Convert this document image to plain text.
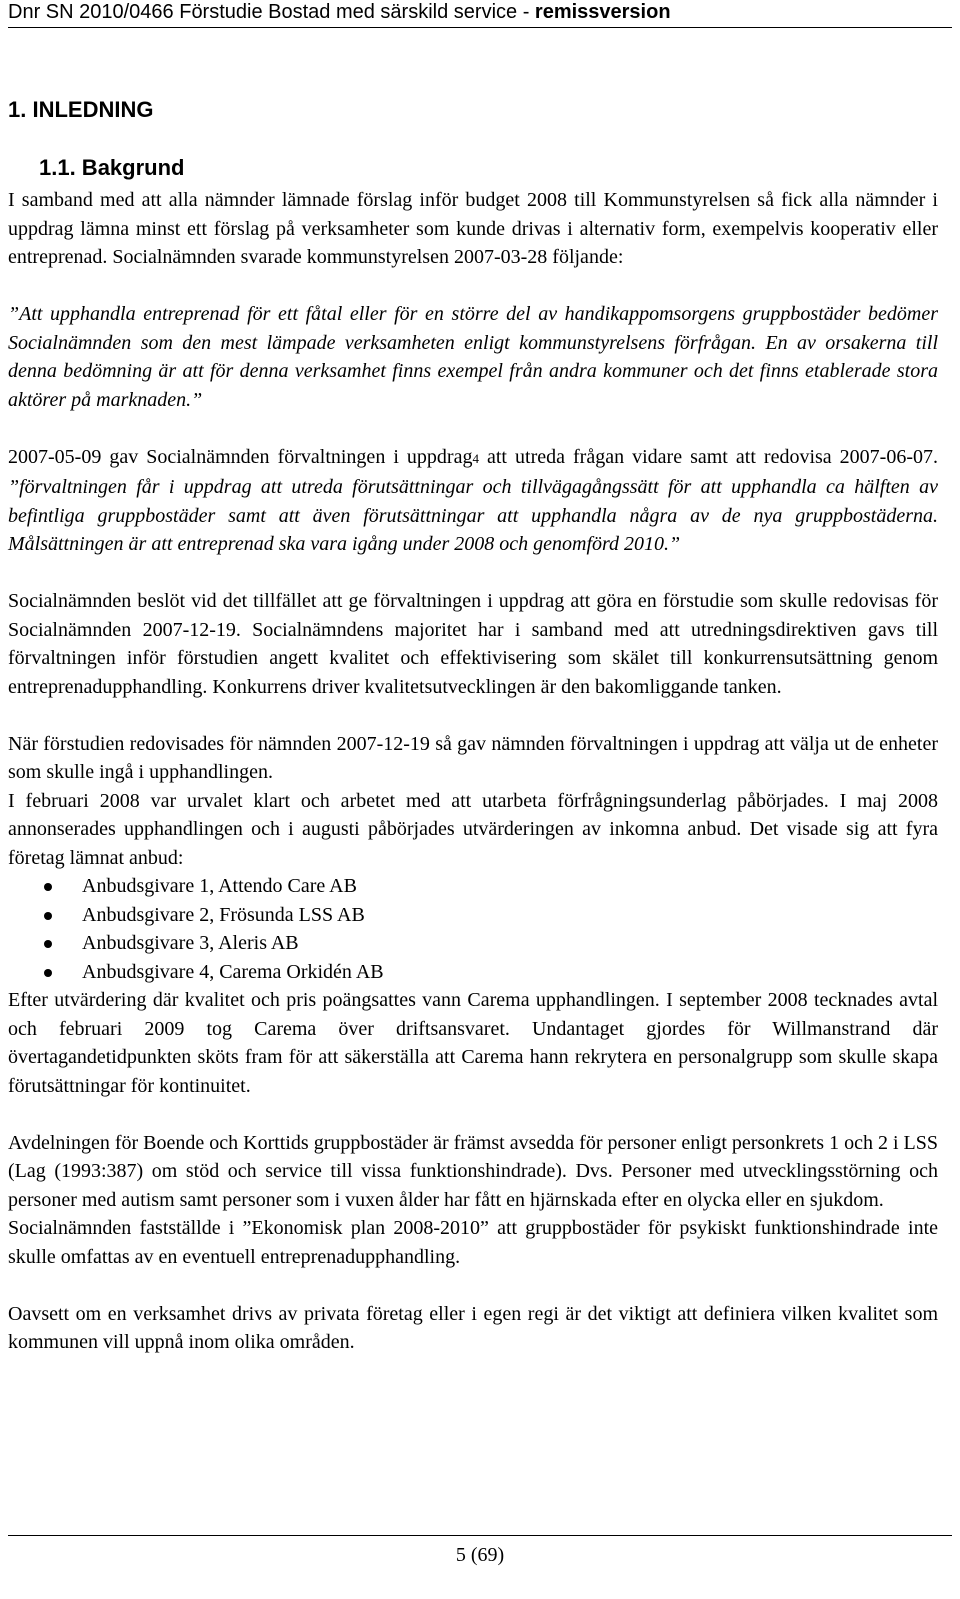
Dnr SN 2010/0466 Förstudie Bostad med särskild service - remissversion
1. INLEDNING
1.1. Bakgrund

I samband med att alla nämnder lämnade förslag inför budget 2008 till Kommunstyrelsen så fick alla nämnder i uppdrag lämna minst ett förslag på verksamheter som kunde drivas i alternativ form, exempelvis kooperativ eller entreprenad. Socialnämnden svarade kommunstyrelsen 2007-03-28 följande:

”Att upphandla entreprenad för ett fåtal eller för en större del av handikappomsorgens gruppbostäder bedömer Socialnämnden som den mest lämpade verksamheten enligt kommunstyrelsens förfrågan. En av orsakerna till denna bedömning är att för denna verksamhet finns exempel från andra kommuner och det finns etablerade stora aktörer på marknaden.”

2007-05-09 gav Socialnämnden förvaltningen i uppdrag4 att utreda frågan vidare samt att redovisa 2007-06-07. ”förvaltningen får i uppdrag att utreda förutsättningar och tillvägagångssätt för att upphandla ca hälften av befintliga gruppbostäder samt att även förutsättningar att upphandla några av de nya gruppbostäderna. Målsättningen är att entreprenad ska vara igång under 2008 och genomförd 2010.”

Socialnämnden beslöt vid det tillfället att ge förvaltningen i uppdrag att göra en förstudie som skulle redovisas för Socialnämnden 2007-12-19. Socialnämndens majoritet har i samband med att utredningsdirektiven gavs till förvaltningen inför förstudien angett kvalitet och effektivisering som skälet till konkurrensutsättning genom entreprenadupphandling. Konkurrens driver kvalitetsutvecklingen är den bakomliggande tanken.

När förstudien redovisades för nämnden 2007-12-19 så gav nämnden förvaltningen i uppdrag att välja ut de enheter som skulle ingå i upphandlingen.

I februari 2008 var urvalet klart och arbetet med att utarbeta förfrågningsunderlag påbörjades. I maj 2008 annonserades upphandlingen och i augusti påbörjades utvärderingen av inkomna anbud. Det visade sig att fyra företag lämnat anbud:

Anbudsgivare 1, Attendo Care AB
Anbudsgivare 2, Frösunda LSS AB
Anbudsgivare 3, Aleris AB
Anbudsgivare 4, Carema Orkidén AB

Efter utvärdering där kvalitet och pris poängsattes vann Carema upphandlingen. I september 2008 tecknades avtal och februari 2009 tog Carema över driftsansvaret. Undantaget gjordes för Willmanstrand där övertagandetidpunkten sköts fram för att säkerställa att Carema hann rekrytera en personalgrupp som skulle skapa förutsättningar för kontinuitet.

Avdelningen för Boende och Korttids gruppbostäder är främst avsedda för personer enligt personkrets 1 och 2 i LSS (Lag (1993:387) om stöd och service till vissa funktionshindrade). Dvs. Personer med utvecklingsstörning och personer med autism samt personer som i vuxen ålder har fått en hjärnskada efter en olycka eller en sjukdom.

Socialnämnden fastställde i ”Ekonomisk plan 2008-2010” att gruppbostäder för psykiskt funktionshindrade inte skulle omfattas av en eventuell entreprenadupphandling.

Oavsett om en verksamhet drivs av privata företag eller i egen regi är det viktigt att definiera vilken kvalitet som kommunen vill uppnå inom olika områden.

5 (69)
